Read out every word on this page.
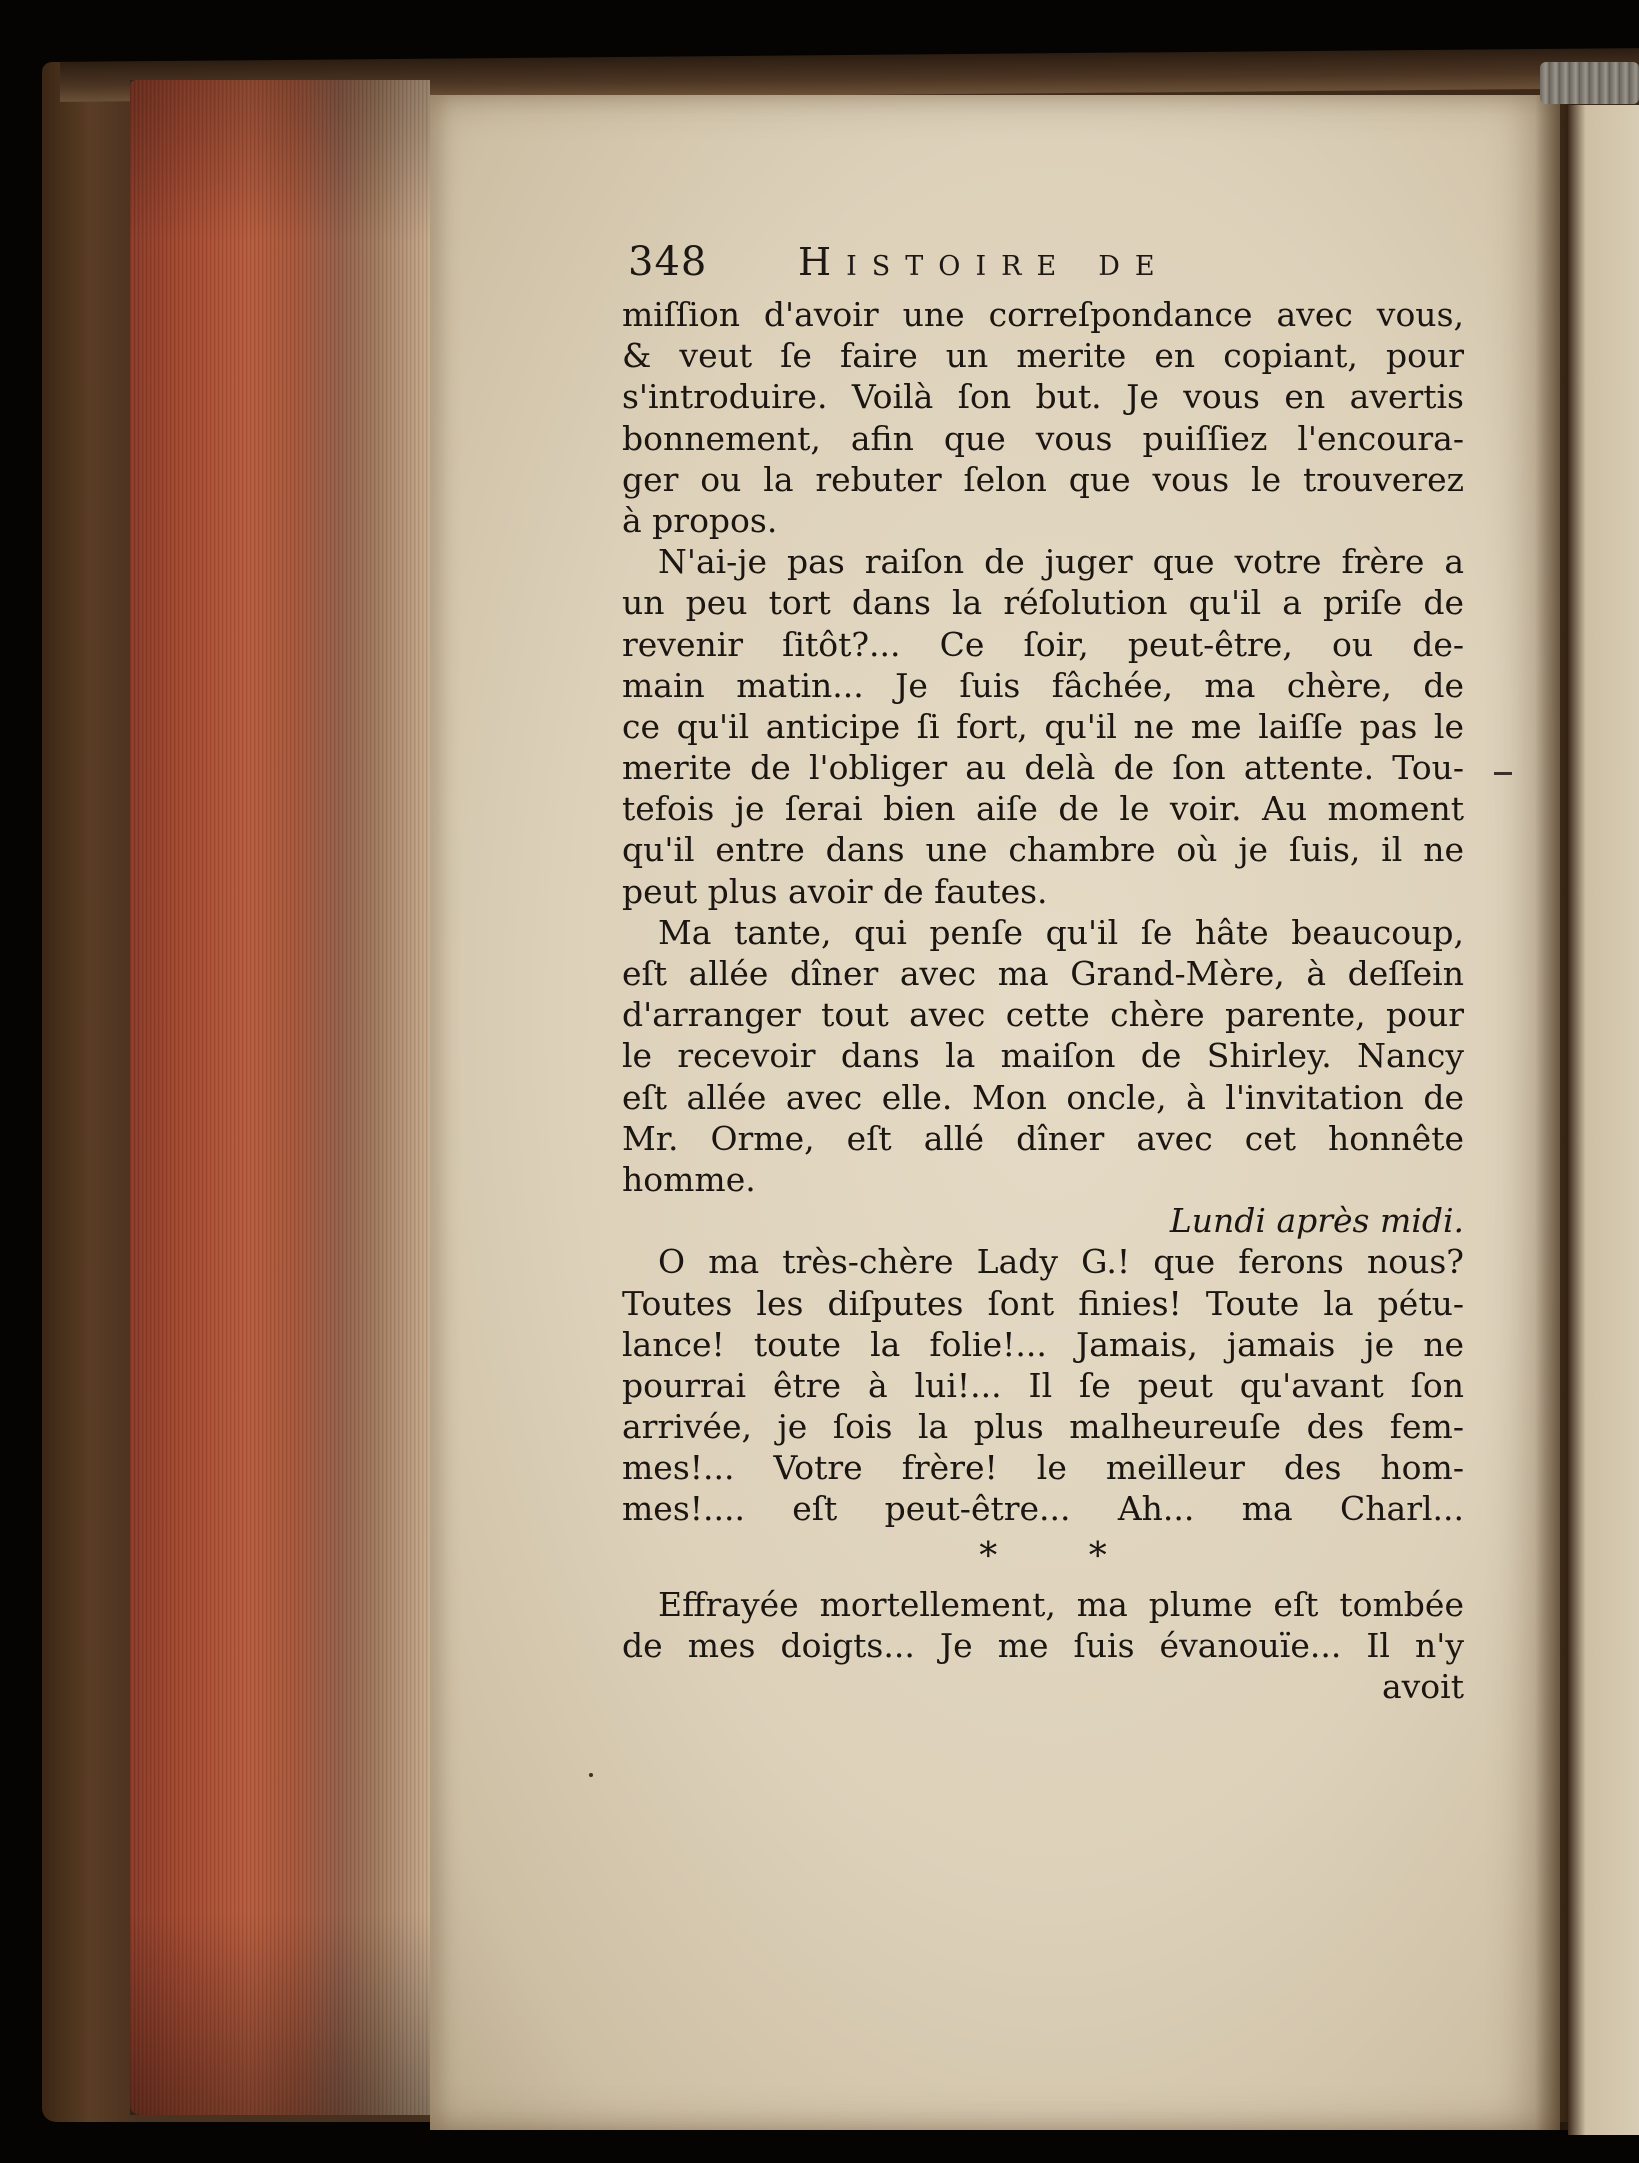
348 Histoire de
miſſion d'avoir une correſpondance avec vous,
& veut ſe faire un merite en copiant, pour
s'introduire. Voilà ſon but. Je vous en avertis
bonnement, afin que vous puiſſiez l'encoura-
ger ou la rebuter ſelon que vous le trouverez
à propos.
N'ai-je pas raiſon de juger que votre frère a
un peu tort dans la réſolution qu'il a priſe de
revenir ſitôt?... Ce ſoir, peut-être, ou de-
main matin... Je ſuis fâchée, ma chère, de
ce qu'il anticipe ſi fort, qu'il ne me laiſſe pas le
merite de l'obliger au delà de ſon attente. Tou-
tefois je ſerai bien aiſe de le voir. Au moment
qu'il entre dans une chambre où je ſuis, il ne
peut plus avoir de fautes.
Ma tante, qui penſe qu'il ſe hâte beaucoup,
eſt allée dîner avec ma Grand-Mère, à deſſein
d'arranger tout avec cette chère parente, pour
le recevoir dans la maiſon de Shirley. Nancy
eſt allée avec elle. Mon oncle, à l'invitation de
Mr. Orme, eſt allé dîner avec cet honnête
homme.
Lundi après midi.
O ma très-chère Lady G.! que ferons nous?
Toutes les diſputes ſont finies! Toute la pétu-
lance! toute la folie!... Jamais, jamais je ne
pourrai être à lui!... Il ſe peut qu'avant ſon
arrivée, je ſois la plus malheureuſe des fem-
mes!... Votre frère! le meilleur des hom-
mes!.... eſt peut-être... Ah... ma Charl...
* *
Effrayée mortellement, ma plume eſt tombée
de mes doigts... Je me ſuis évanouïe... Il n'y
avoit
